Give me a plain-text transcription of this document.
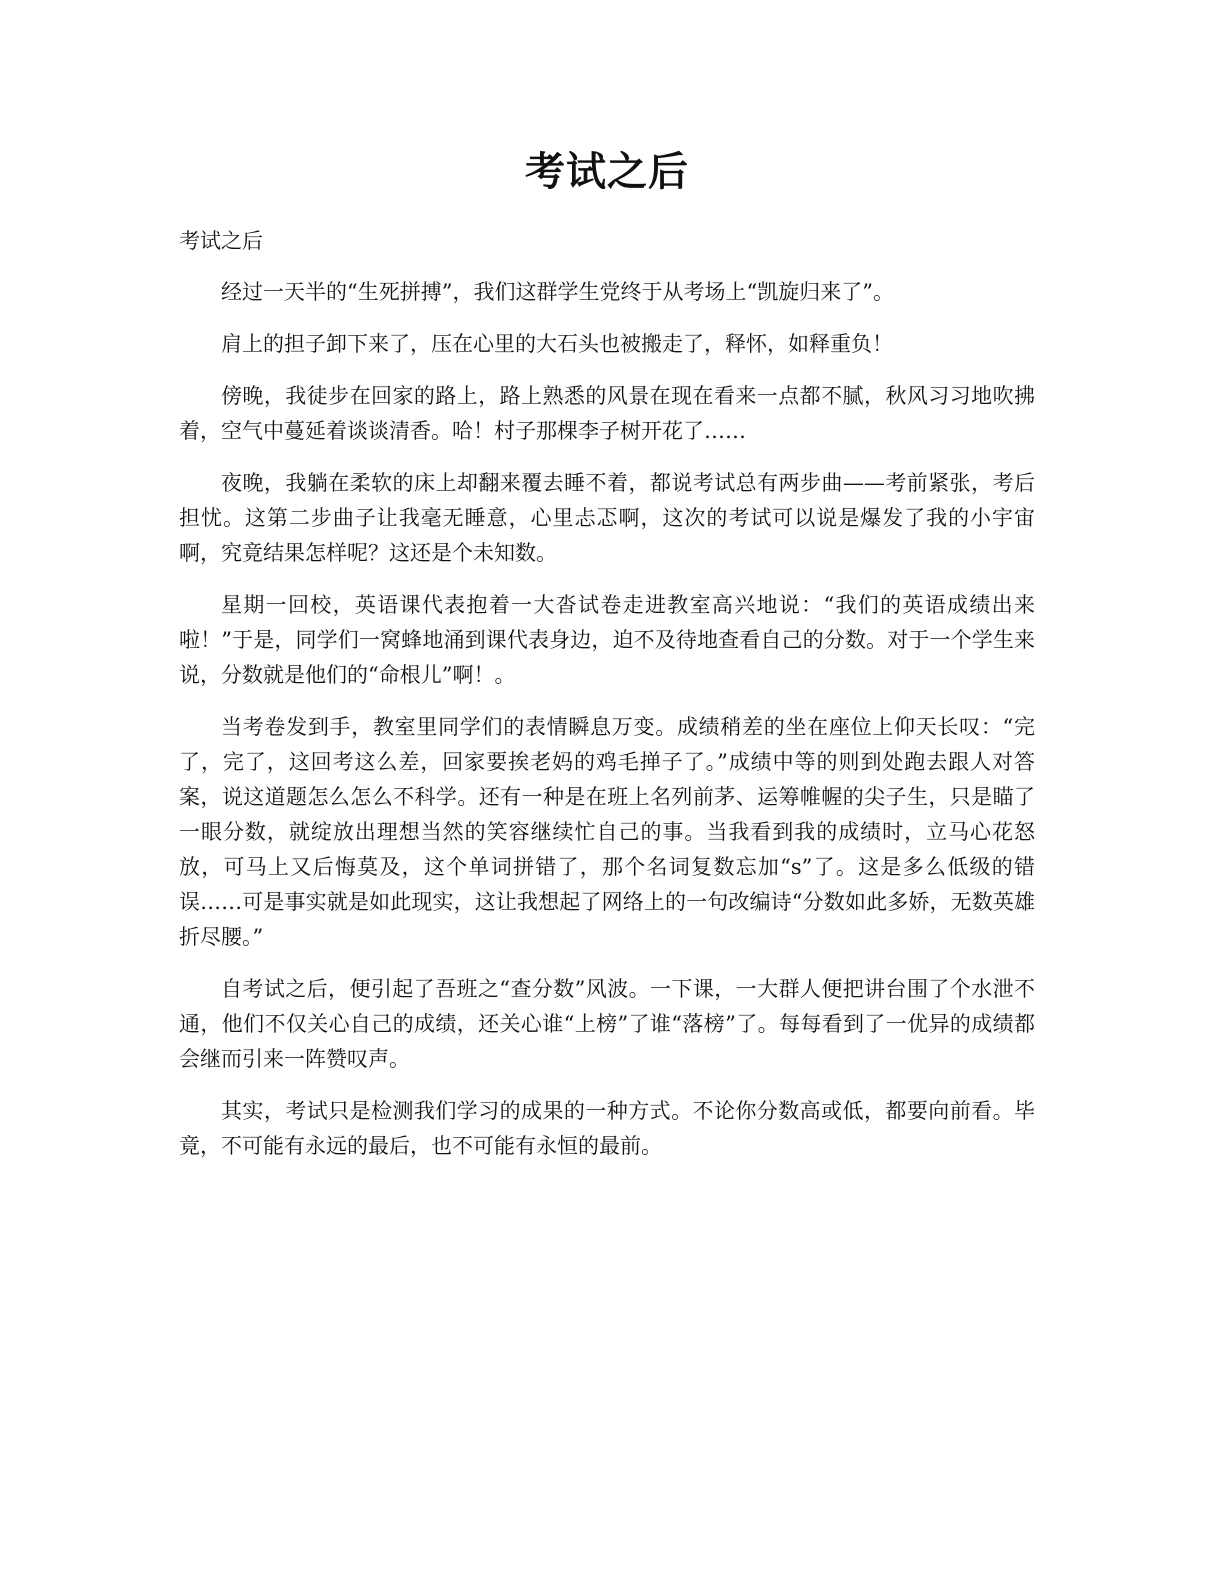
考试之后

考试之后

经过一天半的“生死拼搏”，我们这群学生党终于从考场上“凯旋归来了”。

肩上的担子卸下来了，压在心里的大石头也被搬走了，释怀，如释重负！

傍晚，我徒步在回家的路上，路上熟悉的风景在现在看来一点都不腻，秋风习习地吹拂着，空气中蔓延着谈谈清香。哈！村子那棵李子树开花了……

夜晚，我躺在柔软的床上却翻来覆去睡不着，都说考试总有两步曲——考前紧张，考后担忧。这第二步曲子让我毫无睡意，心里忐忑啊，这次的考试可以说是爆发了我的小宇宙啊，究竟结果怎样呢？这还是个未知数。

星期一回校，英语课代表抱着一大沓试卷走进教室高兴地说：“我们的英语成绩出来啦！”于是，同学们一窝蜂地涌到课代表身边，迫不及待地查看自己的分数。对于一个学生来说，分数就是他们的“命根儿”啊！。

当考卷发到手，教室里同学们的表情瞬息万变。成绩稍差的坐在座位上仰天长叹：“完了，完了，这回考这么差，回家要挨老妈的鸡毛掸子了。”成绩中等的则到处跑去跟人对答案，说这道题怎么怎么不科学。还有一种是在班上名列前茅、运筹帷幄的尖子生，只是瞄了一眼分数，就绽放出理想当然的笑容继续忙自己的事。当我看到我的成绩时，立马心花怒放，可马上又后悔莫及，这个单词拼错了，那个名词复数忘加“s”了。这是多么低级的错误……可是事实就是如此现实，这让我想起了网络上的一句改编诗“分数如此多娇，无数英雄折尽腰。”

自考试之后，便引起了吾班之“查分数”风波。一下课，一大群人便把讲台围了个水泄不通，他们不仅关心自己的成绩，还关心谁“上榜”了谁“落榜”了。每每看到了一优异的成绩都会继而引来一阵赞叹声。

其实，考试只是检测我们学习的成果的一种方式。不论你分数高或低，都要向前看。毕竟，不可能有永远的最后，也不可能有永恒的最前。
